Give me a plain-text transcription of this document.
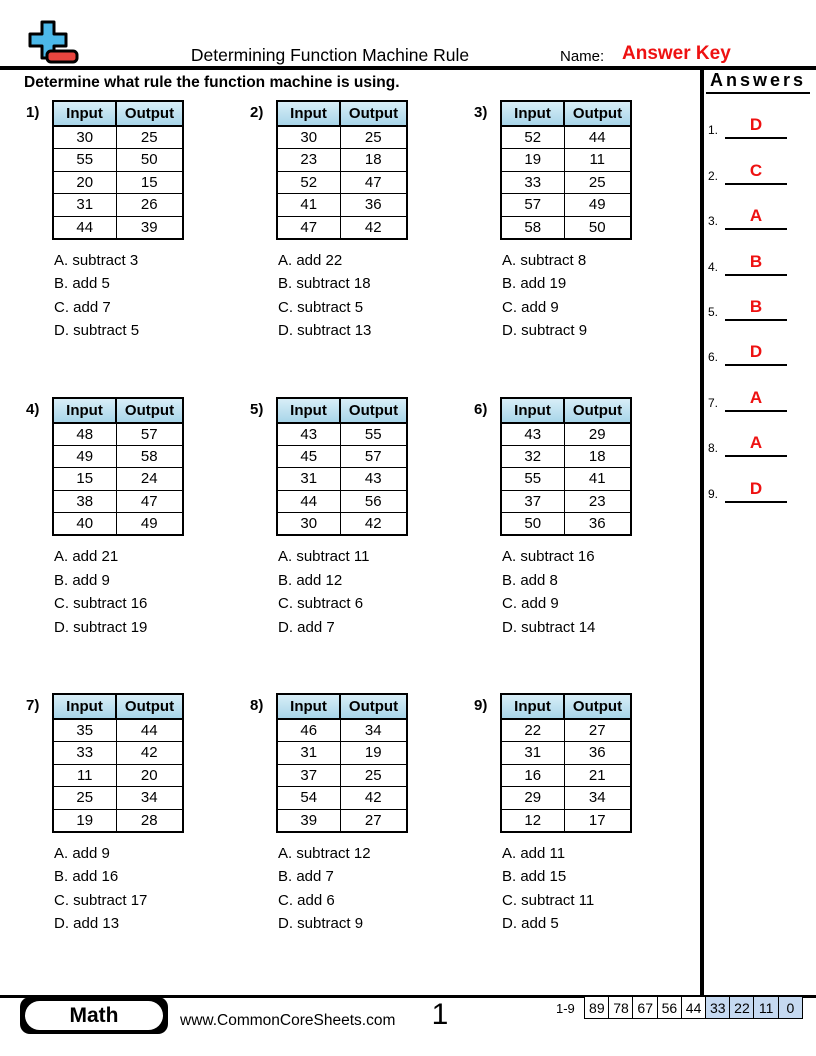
Determining Function Machine Rule	Name: Answer Key
Determine what rule the function machine is using.	Answers
1.	D
2.	C
3.	A
4.	B
5.	B
6.	D
7.	A
8.	A
9.	D
1) Input	Output
30	25
55	50
20	15
31	26
44	39
A. subtract 3
B. add 5
C. add 7
D. subtract 5
2) Input	Output
30	25
23	18
52	47
41	36
47	42
A. add 22
B. subtract 18
C. subtract 5
D. subtract 13
3) Input	Output
52	44
19	11
33	25
57	49
58	50
A. subtract 8
B. add 19
C. add 9
D. subtract 9
4) Input	Output
48	57
49	58
15	24
38	47
40	49
A. add 21
B. add 9
C. subtract 16
D. subtract 19
5) Input	Output
43	55
45	57
31	43
44	56
30	42
A. subtract 11
B. add 12
C. subtract 6
D. add 7
6) Input	Output
43	29
32	18
55	41
37	23
50	36
A. subtract 16
B. add 8
C. add 9
D. subtract 14
7) Input	Output
35	44
33	42
11	20
25	34
19	28
A. add 9
B. add 16
C. subtract 17
D. add 13
8) Input	Output
46	34
31	19
37	25
54	42
39	27
A. subtract 12
B. add 7
C. add 6
D. subtract 9
9) Input	Output
22	27
31	36
16	21
29	34
12	17
A. add 11
B. add 15
C. subtract 11
D. add 5
Math	www.CommonCoreSheets.com	1	1-9	89 78 67 56 44 33 22 11 0
